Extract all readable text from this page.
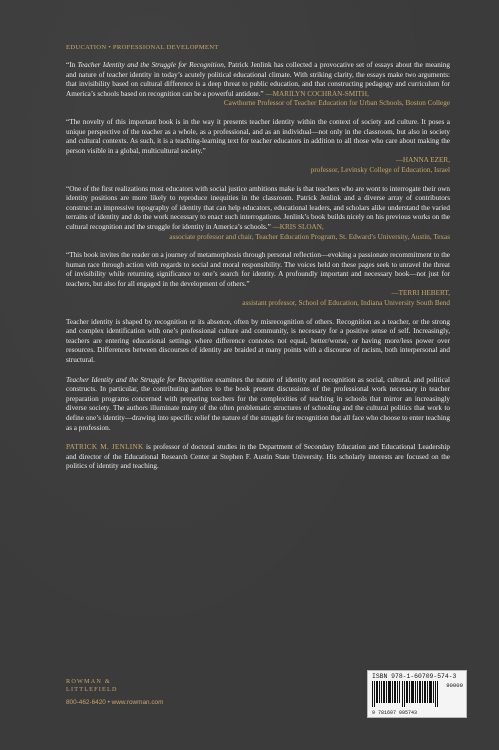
EDUCATION • PROFESSIONAL DEVELOPMENT

“In Teacher Identity and the Struggle for Recognition, Patrick Jenlink has collected a provocative set of essays about the meaning and nature of teacher identity in today’s acutely political educational climate. With striking clarity, the essays make two arguments: that invisibility based on cultural difference is a deep threat to public education, and that constructing pedagogy and curriculum for America’s schools based on recognition can be a powerful antidote.” —MARILYN COCHRAN-SMITH,
Cawthorne Professor of Teacher Education for Urban Schools, Boston College

“The novelty of this important book is in the way it presents teacher identity within the context of society and culture. It poses a unique perspective of the teacher as a whole, as a professional, and as an individual—not only in the classroom, but also in society and cultural contexts. As such, it is a teaching-learning text for teacher educators in addition to all those who care about making the person visible in a global, multicultural society.”
—HANNA EZER,
professor, Levinsky College of Education, Israel

“One of the first realizations most educators with social justice ambitions make is that teachers who are wont to interrogate their own identity positions are more likely to reproduce inequities in the classroom. Patrick Jenlink and a diverse array of contributors construct an impressive topography of identity that can help educators, educational leaders, and scholars alike understand the varied terrains of identity and do the work necessary to enact such interrogations. Jenlink’s book builds nicely on his previous works on the cultural recognition and the struggle for identity in America’s schools.” —KRIS SLOAN,
associate professor and chair, Teacher Education Program, St. Edward’s University, Austin, Texas

“This book invites the reader on a journey of metamorphosis through personal reflection—evoking a passionate recommitment to the human race through action with regards to social and moral responsibility. The voices held on these pages seek to unravel the threat of invisibility while returning significance to one’s search for identity. A profoundly important and necessary book—not just for teachers, but also for all engaged in the development of others.”
—TERRI HEBERT,
assistant professor, School of Education, Indiana University South Bend

Teacher identity is shaped by recognition or its absence, often by misrecognition of others. Recognition as a teacher, or the strong and complex identification with one’s professional culture and community, is necessary for a positive sense of self. Increasingly, teachers are entering educational settings where difference connotes not equal, better/worse, or having more/less power over resources. Differences between discourses of identity are braided at many points with a discourse of racism, both interpersonal and structural.

Teacher Identity and the Struggle for Recognition examines the nature of identity and recognition as social, cultural, and political constructs. In particular, the contributing authors to the book present discussions of the professional work necessary in teacher preparation programs concerned with preparing teachers for the complexities of teaching in schools that mirror an increasingly diverse society. The authors illuminate many of the often problematic structures of schooling and the cultural politics that work to define one’s identity—drawing into specific relief the nature of the struggle for recognition that all face who choose to enter teaching as a profession.

PATRICK M. JENLINK is professor of doctoral studies in the Department of Secondary Education and Educational Leadership and director of the Educational Research Center at Stephen F. Austin State University. His scholarly interests are focused on the politics of identity and teaching.

ROWMAN &
LITTLEFIELD
800-462-6420 • www.rowman.com
ISBN 978-1-60709-574-3
90000
9 781607 095743
